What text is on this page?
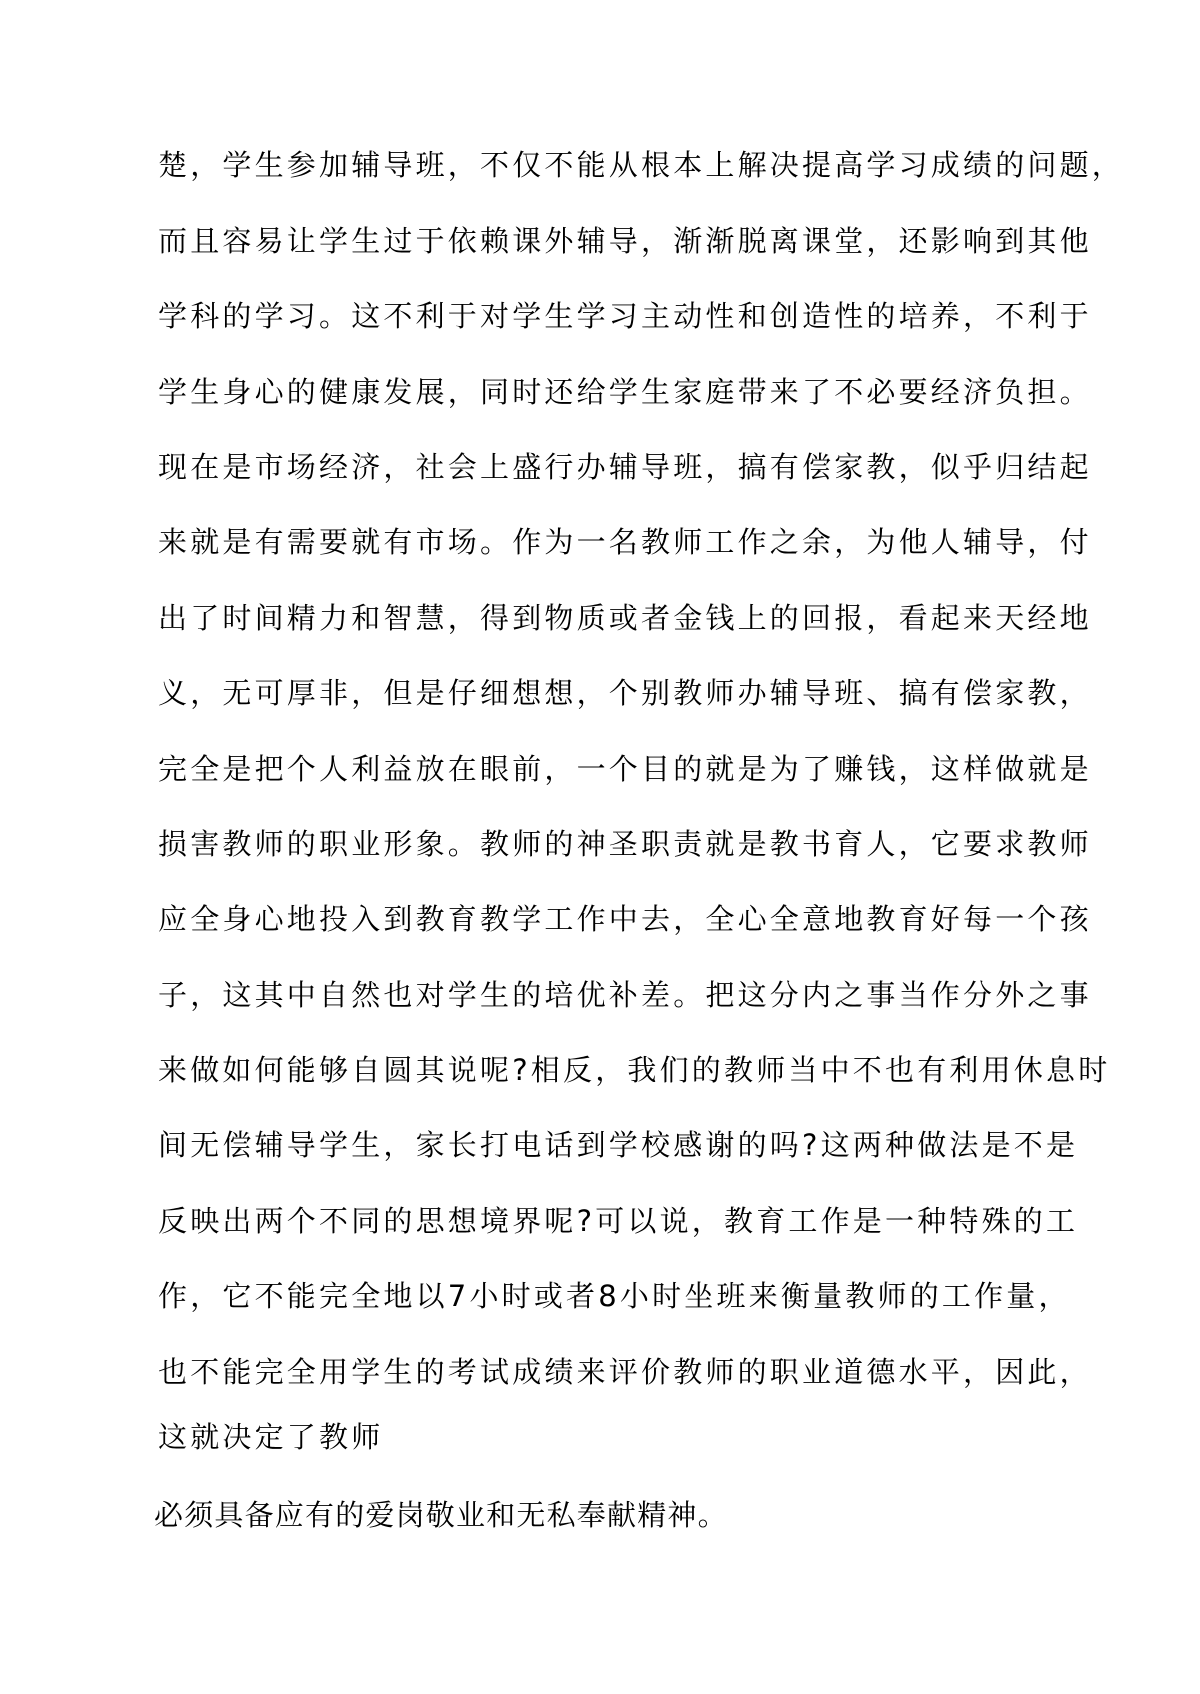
楚，学生参加辅导班，不仅不能从根本上解决提高学习成绩的问题，

而且容易让学生过于依赖课外辅导，渐渐脱离课堂，还影响到其他

学科的学习。这不利于对学生学习主动性和创造性的培养，不利于

学生身心的健康发展，同时还给学生家庭带来了不必要经济负担。

现在是市场经济，社会上盛行办辅导班，搞有偿家教，似乎归结起

来就是有需要就有市场。作为一名教师工作之余，为他人辅导，付

出了时间精力和智慧，得到物质或者金钱上的回报，看起来天经地

义，无可厚非，但是仔细想想，个别教师办辅导班、搞有偿家教，

完全是把个人利益放在眼前，一个目的就是为了赚钱，这样做就是

损害教师的职业形象。教师的神圣职责就是教书育人，它要求教师

应全身心地投入到教育教学工作中去，全心全意地教育好每一个孩

子，这其中自然也对学生的培优补差。把这分内之事当作分外之事

来做如何能够自圆其说呢?相反，我们的教师当中不也有利用休息时

间无偿辅导学生，家长打电话到学校感谢的吗?这两种做法是不是

反映出两个不同的思想境界呢?可以说，教育工作是一种特殊的工

作，它不能完全地以7小时或者8小时坐班来衡量教师的工作量，

也不能完全用学生的考试成绩来评价教师的职业道德水平，因此，

这就决定了教师

必须具备应有的爱岗敬业和无私奉献精神。
